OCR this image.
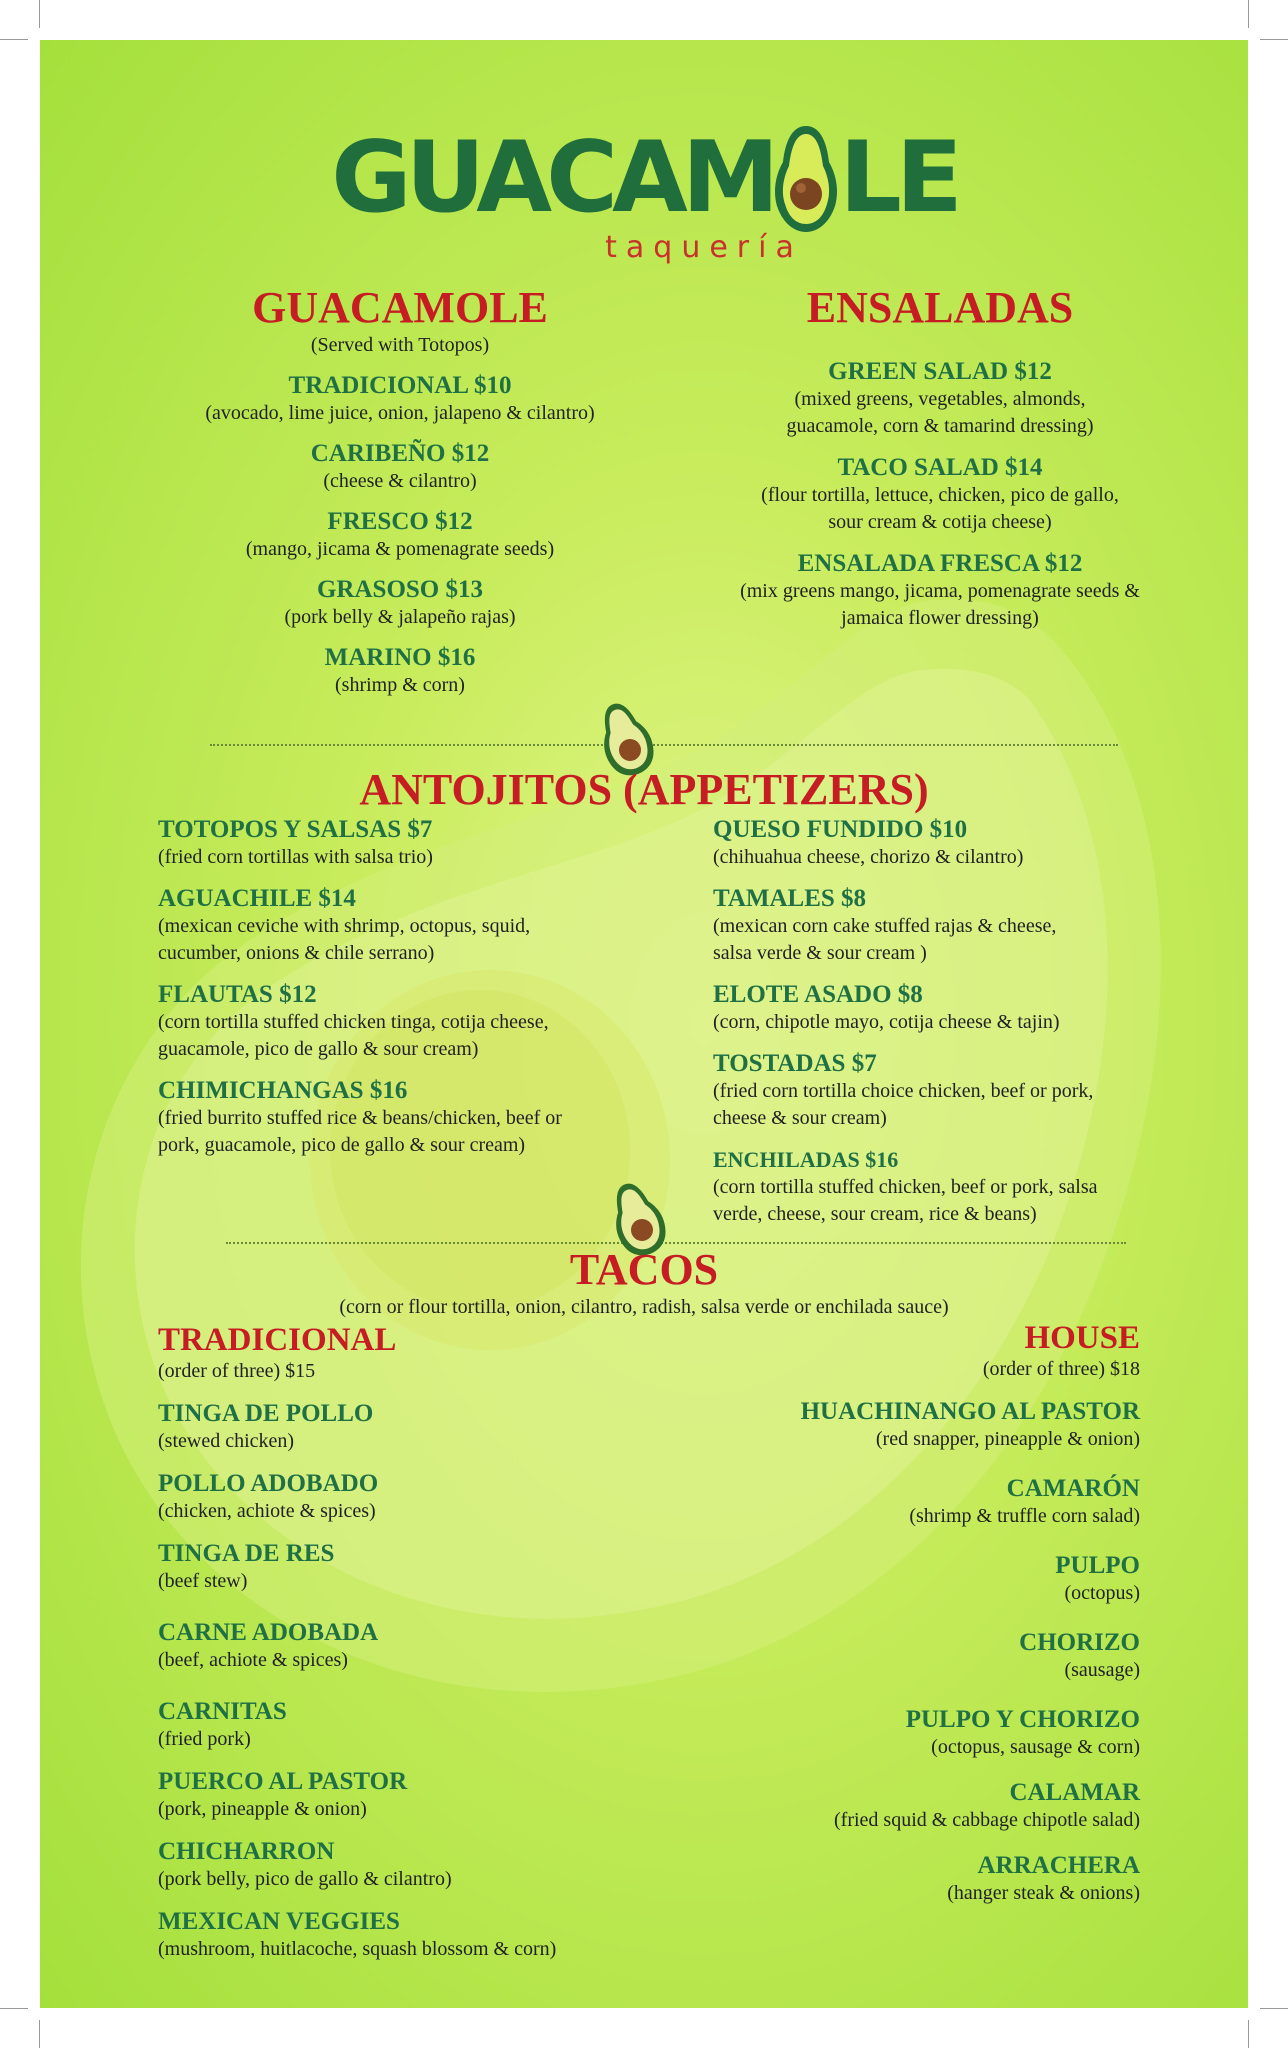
GUACAM LE
taquería
GUACAMOLE
(Served with Totopos)
TRADICIONAL $10
(avocado, lime juice, onion, jalapeno & cilantro)
CARIBEÑO $12
(cheese & cilantro)
FRESCO $12
(mango, jicama & pomenagrate seeds)
GRASOSO $13
(pork belly & jalapeño rajas)
MARINO $16
(shrimp & corn)
ENSALADAS
GREEN SALAD $12
(mixed greens, vegetables, almonds,
guacamole, corn & tamarind dressing)
TACO SALAD $14
(flour tortilla, lettuce, chicken, pico de gallo,
sour cream & cotija cheese)
ENSALADA FRESCA $12
(mix greens mango, jicama, pomenagrate seeds &
jamaica flower dressing)
ANTOJITOS (APPETIZERS)
TOTOPOS Y SALSAS $7
(fried corn tortillas with salsa trio)
AGUACHILE $14
(mexican ceviche with shrimp, octopus, squid,
cucumber, onions & chile serrano)
FLAUTAS $12
(corn tortilla stuffed chicken tinga, cotija cheese,
guacamole, pico de gallo & sour cream)
CHIMICHANGAS $16
(fried burrito stuffed rice & beans/chicken, beef or
pork, guacamole, pico de gallo & sour cream)
QUESO FUNDIDO $10
(chihuahua cheese, chorizo & cilantro)
TAMALES $8
(mexican corn cake stuffed rajas & cheese,
salsa verde & sour cream )
ELOTE ASADO $8
(corn, chipotle mayo, cotija cheese & tajin)
TOSTADAS $7
(fried corn tortilla choice chicken, beef or pork,
cheese & sour cream)
ENCHILADAS $16
(corn tortilla stuffed chicken, beef or pork, salsa
verde, cheese, sour cream, rice & beans)
TACOS
(corn or flour tortilla, onion, cilantro, radish, salsa verde or enchilada sauce)
TRADICIONAL
(order of three) $15
TINGA DE POLLO
(stewed chicken)
POLLO ADOBADO
(chicken, achiote & spices)
TINGA DE RES
(beef stew)
CARNE ADOBADA
(beef, achiote & spices)
CARNITAS
(fried pork)
PUERCO AL PASTOR
(pork, pineapple & onion)
CHICHARRON
(pork belly, pico de gallo & cilantro)
MEXICAN VEGGIES
(mushroom, huitlacoche, squash blossom & corn)
HOUSE
(order of three) $18
HUACHINANGO AL PASTOR
(red snapper, pineapple & onion)
CAMARÓN
(shrimp & truffle corn salad)
PULPO
(octopus)
CHORIZO
(sausage)
PULPO Y CHORIZO
(octopus, sausage & corn)
CALAMAR
(fried squid & cabbage chipotle salad)
ARRACHERA
(hanger steak & onions)
